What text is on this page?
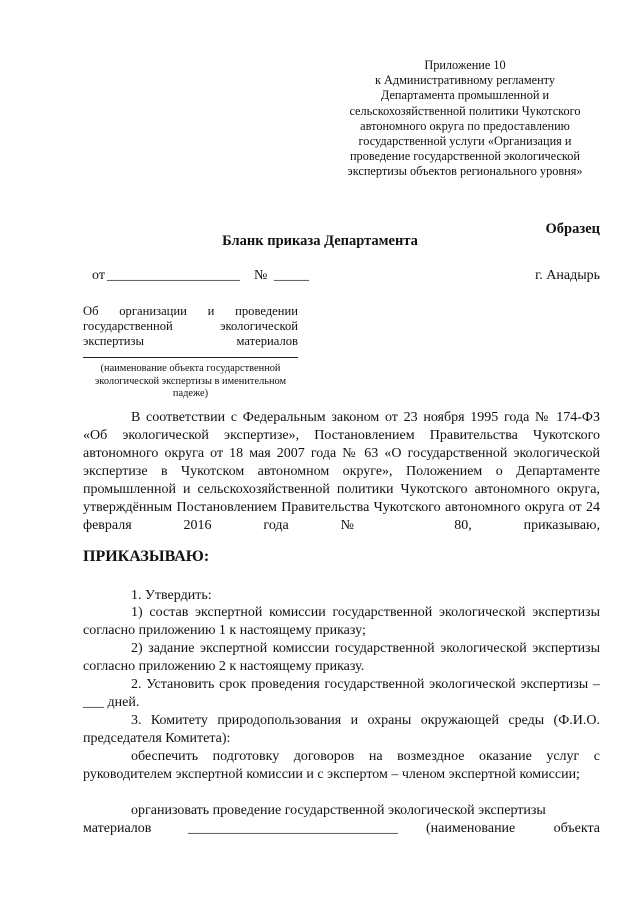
Приложение 10
к Административному регламенту
Департамента промышленной и
сельскохозяйственной политики Чукотского
автономного округа по предоставлению
государственной услуги «Организация и
проведение государственной экологической
экспертизы объектов регионального уровня»
Образец
Бланк приказа Департамента
от ___________________ № _____	г. Анадырь
Об организации и проведении государственной экологической экспертизы материалов
(наименование объекта государственной экологической экспертизы в именительном падеже)
В соответствии с Федеральным законом от 23 ноября 1995 года № 174-ФЗ «Об экологической экспертизе», Постановлением Правительства Чукотского автономного округа от 18 мая 2007 года № 63 «О государственной экологической экспертизе в Чукотском автономном округе», Положением о Департаменте промышленной и сельскохозяйственной политики Чукотского автономного округа, утверждённым Постановлением Правительства Чукотского автономного округа от 24 февраля 2016 года № 80, приказываю,
ПРИКАЗЫВАЮ:
1. Утвердить:
1) состав экспертной комиссии государственной экологической экспертизы согласно приложению 1 к настоящему приказу;
2) задание экспертной комиссии государственной экологической экспертизы согласно приложению 2 к настоящему приказу.
2. Установить срок проведения государственной экологической экспертизы – ___ дней.
3. Комитету природопользования и охраны окружающей среды (Ф.И.О. председателя Комитета):
обеспечить подготовку договоров на возмездное оказание услуг с руководителем экспертной комиссии и с экспертом – членом экспертной комиссии;
организовать проведение государственной экологической экспертизы
материалов	______________________________ (наименование объекта
